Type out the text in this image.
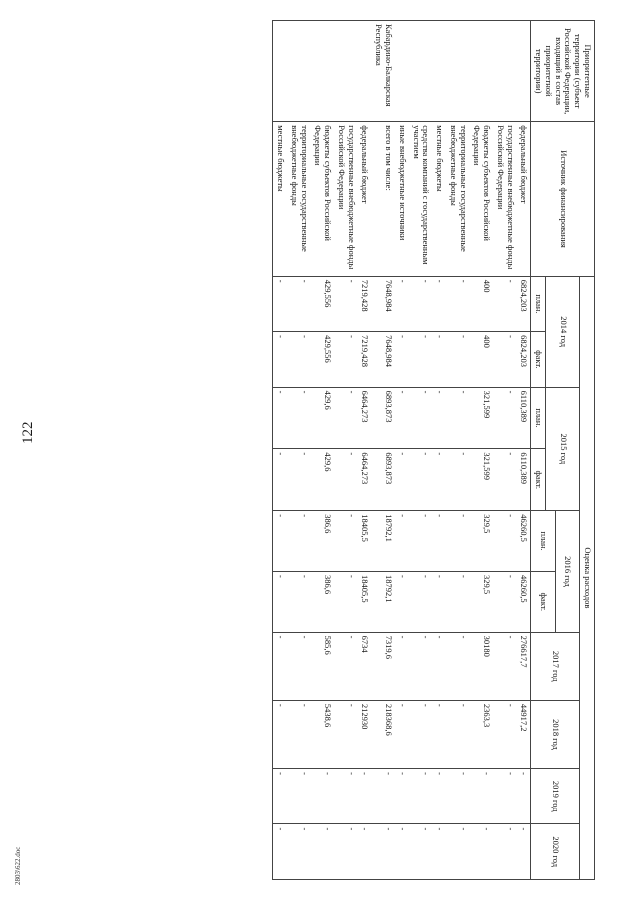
122
2803\622.doc
Приоритетные территории (субъект Российской Федерации, входящий в состав приоритетной территории)	Источник финансирования	Оценка расходов									
		2014 год		2015 год		2016 год		2017 год	2018 год	2019 год	2020 год
						план.	факт.				
		план.	факт.	план.	факт.						
	федеральный бюджет	6824,203	6824,203	6110,389	6110,389	46260,5	46260,5	276617,7	44917,2	-	-
	государственные внебюджетные фонды Российской Федерации	-	-	-	-	-	-	-	-	-	-
	бюджеты субъектов Российской Федерации	400	400	321,599	321,599	329,5	329,5	30180	2363,3	-	-
	территориальные государственные внебюджетные фонды	-	-	-	-	-	-	-	-	-	-
	местные бюджеты	-	-	-	-	-	-	-	-	-	-
	средства компаний с государственным участием	-	-	-	-	-	-	-	-	-	-
	иные внебюджетные источники	-	-	-	-	-	-	-	-	-	-
Кабардино-Балкарская Республика	всего в том числе:	7648,984	7648,984	6893,873	6893,873	18792,1	18792,1	7319,6	218368,6	-	-
	федеральный бюджет	7219,428	7219,428	6464,273	6464,273	18405,5	18405,5	6734	212930	-	-
	государственные внебюджетные фонды Российской Федерации	-	-	-	-	-	-	-	-	-	-
	бюджеты субъектов Российской Федерации	429,556	429,556	429,6	429,6	386,6	386,6	585,6	5438,6	-	-
	территориальные государственные внебюджетные фонды	-	-	-	-	-	-	-	-	-	-
	местные бюджеты	-	-	-	-	-	-	-	-	-	-
